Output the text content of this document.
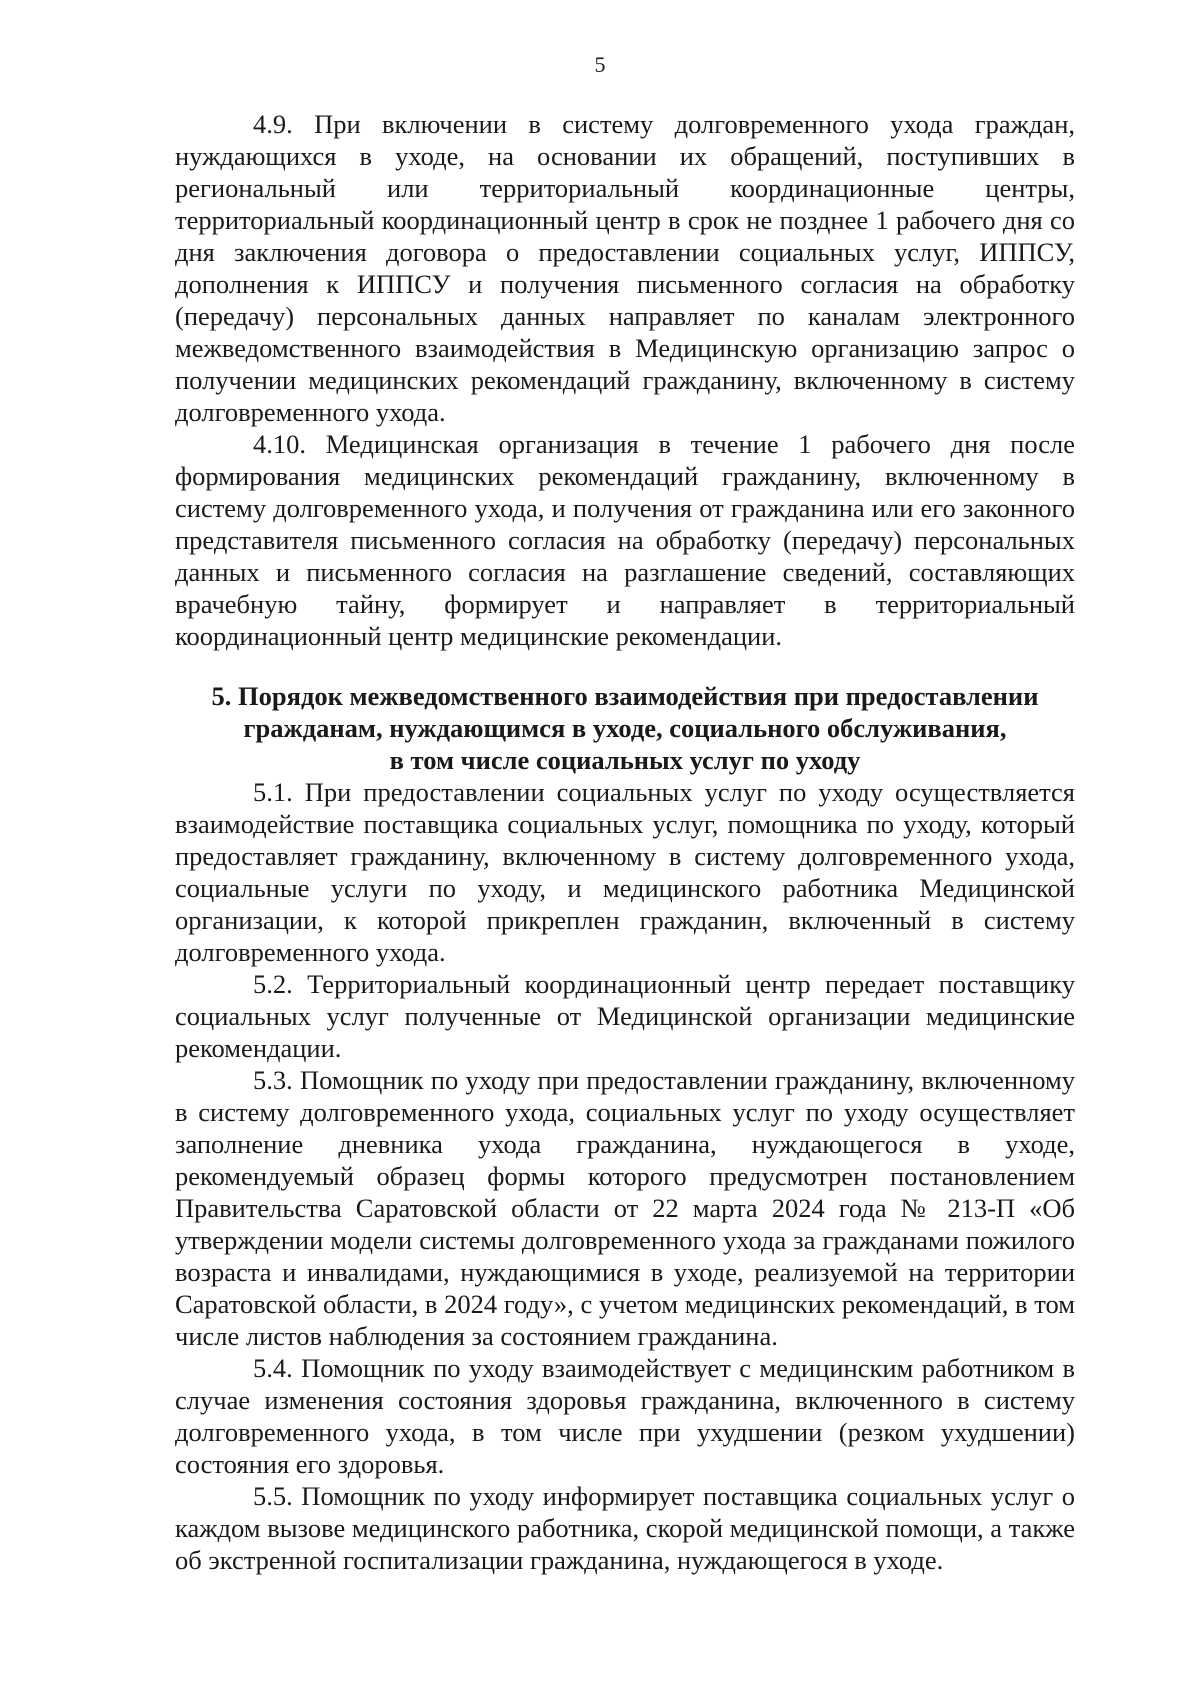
5

4.9. При включении в систему долговременного ухода граждан, нуждающихся в уходе, на основании их обращений, поступивших в региональный или территориальный координационные центры, территориальный координационный центр в срок не позднее 1 рабочего дня со дня заключения договора о предоставлении социальных услуг, ИППСУ, дополнения к ИППСУ и получения письменного согласия на обработку (передачу) персональных данных направляет по каналам электронного межведомственного взаимодействия в Медицинскую организацию запрос о получении медицинских рекомендаций гражданину, включенному в систему долговременного ухода.

4.10. Медицинская организация в течение 1 рабочего дня после формирования медицинских рекомендаций гражданину, включенному в систему долговременного ухода, и получения от гражданина или его законного представителя письменного согласия на обработку (передачу) персональных данных и письменного согласия на разглашение сведений, составляющих врачебную тайну, формирует и направляет в территориальный координационный центр медицинские рекомендации.

5. Порядок межведомственного взаимодействия при предоставлении
гражданам, нуждающимся в уходе, социального обслуживания,
в том числе социальных услуг по уходу

5.1. При предоставлении социальных услуг по уходу осуществляется взаимодействие поставщика социальных услуг, помощника по уходу, который предоставляет гражданину, включенному в систему долговременного ухода, социальные услуги по уходу, и медицинского работника Медицинской организации, к которой прикреплен гражданин, включенный в систему долговременного ухода.

5.2. Территориальный координационный центр передает поставщику социальных услуг полученные от Медицинской организации медицинские рекомендации.

5.3. Помощник по уходу при предоставлении гражданину, включенному в систему долговременного ухода, социальных услуг по уходу осуществляет заполнение дневника ухода гражданина, нуждающегося в уходе, рекомендуемый образец формы которого предусмотрен постановлением Правительства Саратовской области от 22 марта 2024 года № 213-П «Об утверждении модели системы долговременного ухода за гражданами пожилого возраста и инвалидами, нуждающимися в уходе, реализуемой на территории Саратовской области, в 2024 году», с учетом медицинских рекомендаций, в том числе листов наблюдения за состоянием гражданина.

5.4. Помощник по уходу взаимодействует с медицинским работником в случае изменения состояния здоровья гражданина, включенного в систему долговременного ухода, в том числе при ухудшении (резком ухудшении) состояния его здоровья.

5.5. Помощник по уходу информирует поставщика социальных услуг о каждом вызове медицинского работника, скорой медицинской помощи, а также об экстренной госпитализации гражданина, нуждающегося в уходе.
